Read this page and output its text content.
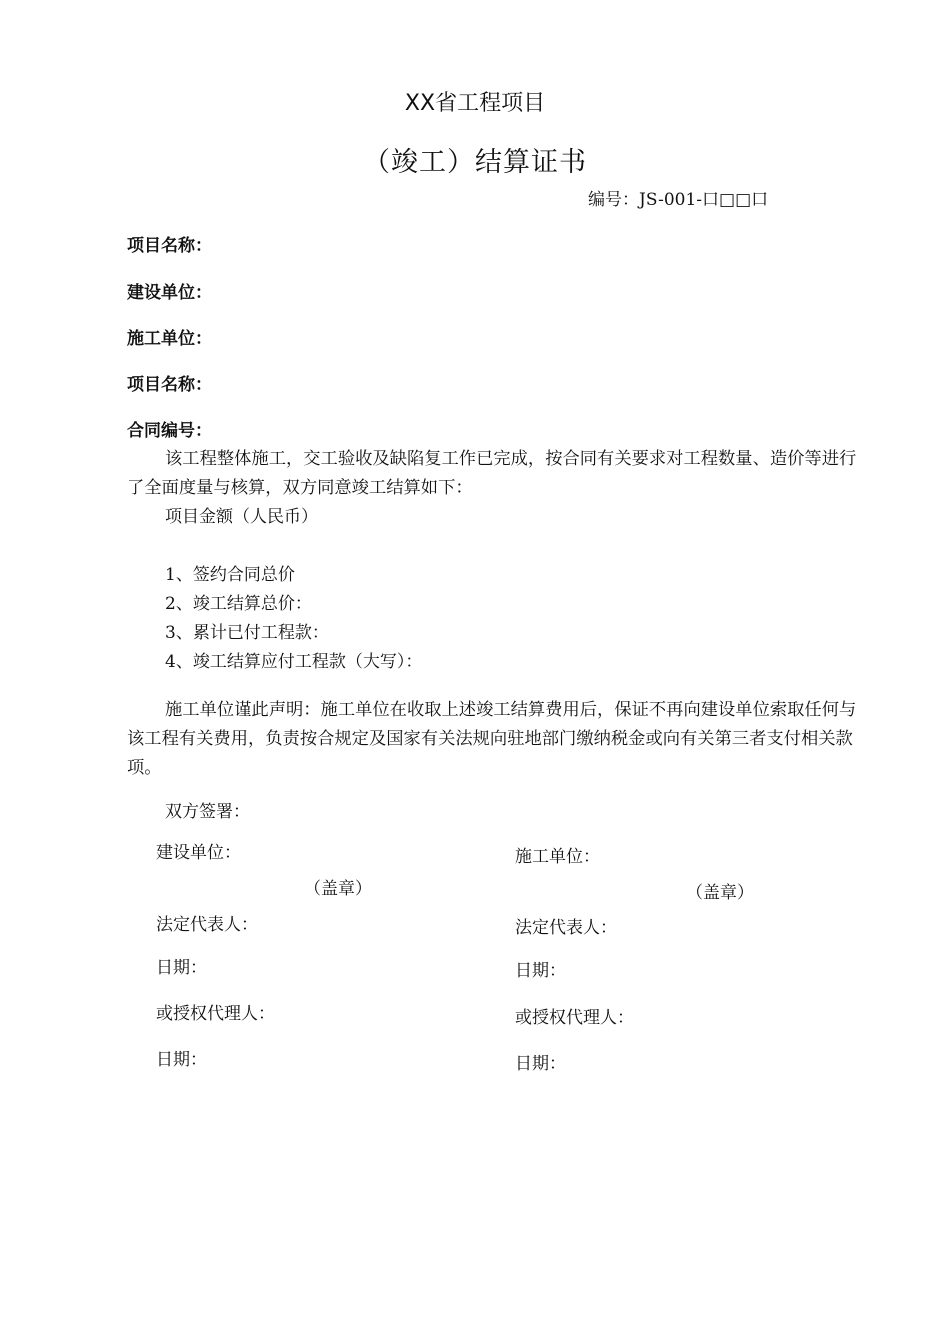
XX省工程项目
（竣工）结算证书
编号：JS-001-口□□口
项目名称：
建设单位：
施工单位：
项目名称：
合同编号：
该工程整体施工，交工验收及缺陷复工作已完成，按合同有关要求对工程数量、造价等进行了全面度量与核算，双方同意竣工结算如下：
项目金额（人民币）
1、签约合同总价
2、竣工结算总价：
3、累计已付工程款：
4、竣工结算应付工程款（大写）：
施工单位谨此声明：施工单位在收取上述竣工结算费用后，保证不再向建设单位索取任何与该工程有关费用，负责按合规定及国家有关法规向驻地部门缴纳税金或向有关第三者支付相关款项。
双方签署：
建设单位：
（盖章）
法定代表人：
日期：
或授权代理人：
日期：
施工单位：
（盖章）
法定代表人：
日期：
或授权代理人：
日期：
